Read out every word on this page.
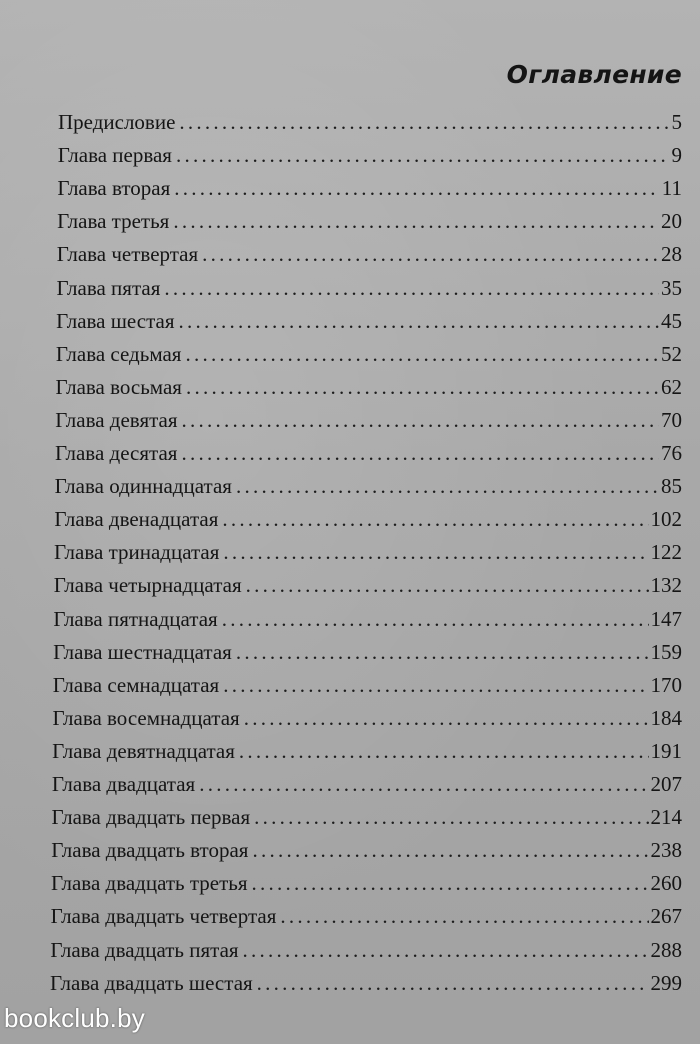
Оглавление
Предисловие . . .	5
Глава первая . . .	9
Глава вторая . . .	11
Глава третья . . .	20
Глава четвертая . . .	28
Глава пятая . . .	35
Глава шестая . . .	45
Глава седьмая . . .	52
Глава восьмая . . .	62
Глава девятая . . .	70
Глава десятая . . .	76
Глава одиннадцатая . . .	85
Глава двенадцатая . . .	102
Глава тринадцатая . . .	122
Глава четырнадцатая . . .	132
Глава пятнадцатая . . .	147
Глава шестнадцатая . . .	159
Глава семнадцатая . . .	170
Глава восемнадцатая . . .	184
Глава девятнадцатая . . .	191
Глава двадцатая . . .	207
Глава двадцать первая . . .	214
Глава двадцать вторая . . .	238
Глава двадцать третья . . .	260
Глава двадцать четвертая . . .	267
Глава двадцать пятая . . .	288
Глава двадцать шестая . . .	299
bookclub.by
